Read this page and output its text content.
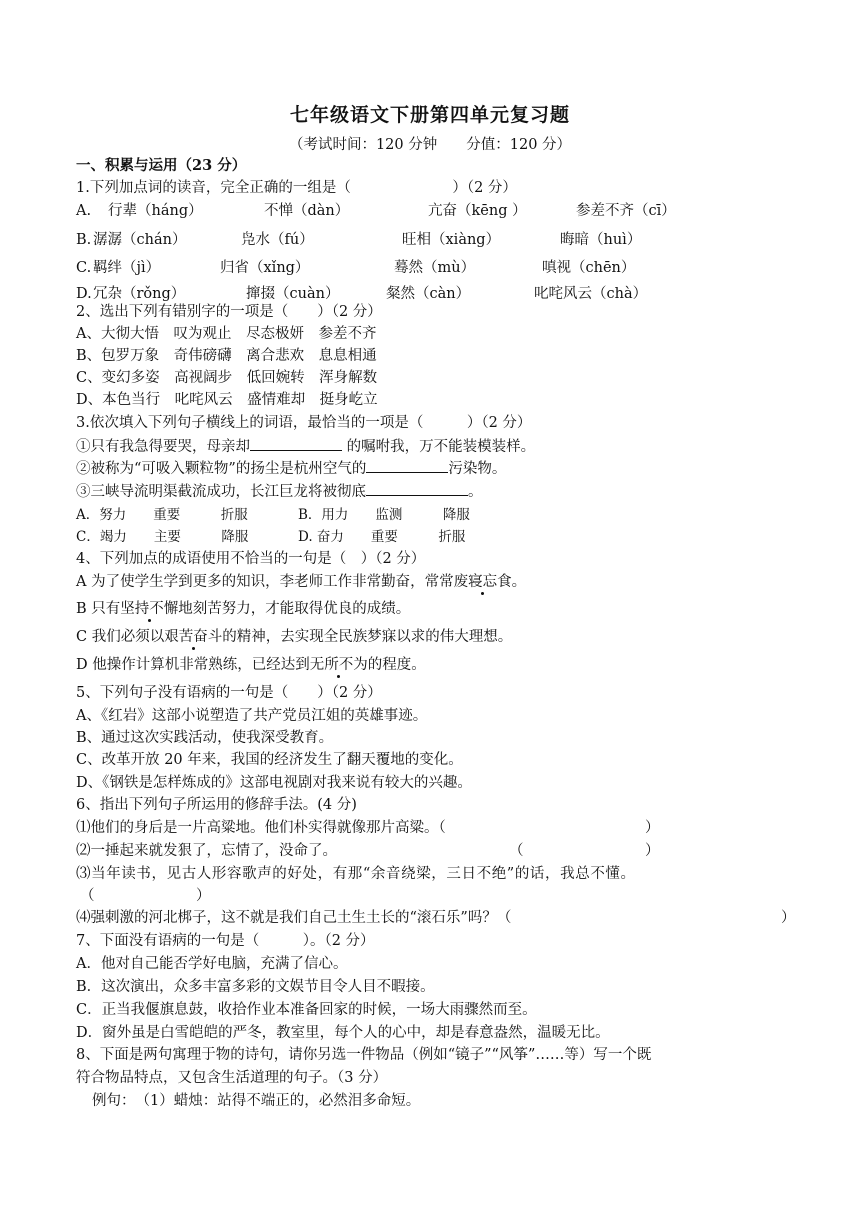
七年级语文下册第四单元复习题
（考试时间：120 分钟　　分值：120 分）
一、积累与运用（23 分）
1.下列加点词的读音，完全正确的一组是（　　　　　　　）（2 分）
A. 行辈（háng）	不惮（dàn）	亢奋（kēng ）	参差不齐（cī）
B. 潺潺（chán）	凫水（fú）	旺相（xiàng）	晦暗（huì）
C. 羁绊（jì）	归省（xǐng）	蓦然（mù）	嗔视（chēn）
D. 冗杂（rǒng）	撺掇（cuàn）	粲然（càn）	叱咤风云（chà）
2、选出下列有错别字的一项是（　　）（2 分）
A、大彻大悟　叹为观止　尽态极妍　参差不齐
B、包罗万象　奇伟磅礴　离合悲欢　息息相通
C、变幻多姿　高视阔步　低回婉转　浑身解数
D、本色当行　叱咤风云　盛情难却　挺身屹立
3.依次填入下列句子横线上的词语，最恰当的一项是（　　　）（2 分）
①只有我急得要哭，母亲却	的嘱咐我，万不能装模装样。
②被称为“可吸入颗粒物”的扬尘是杭州空气的	污染物。
③三峡导流明渠截流成功，长江巨龙将被彻底	。
A．努力　　重要　　　折服	B．用力　　监测　　　降服
C．竭力　　主要　　　降服	D. 奋力　　重要　　　折服
4、下列加点的成语使用不恰当的一句是（　）（2 分）
A 为了使学生学到更多的知识，李老师工作非常勤奋，常常废寝忘食。
B 只有坚持不懈地刻苦努力，才能取得优良的成绩。
C 我们必须以艰苦奋斗的精神，去实现全民族梦寐以求的伟大理想。
D 他操作计算机非常熟练，已经达到无所不为的程度。
5、下列句子没有语病的一句是（　　）（2 分）
A、《红岩》这部小说塑造了共产党员江姐的英雄事迹。
B、通过这次实践活动，使我深受教育。
C、改革开放 20 年来，我国的经济发生了翻天覆地的变化。
D、《钢铁是怎样炼成的》这部电视剧对我来说有较大的兴趣。
6、指出下列句子所运用的修辞手法。(4 分)
⑴他们的身后是一片高粱地。他们朴实得就像那片高粱。（	）
⑵一捶起来就发狠了，忘情了，没命了。	（	）
⑶当年读书，见古人形容歌声的好处，有那“余音绕梁，三日不绝”的话，我总不懂。
（	）
⑷强刺激的河北梆子，这不就是我们自己土生土长的“滚石乐”吗？（	）
7、下面没有语病的一句是（　　　）。（2 分）
A．他对自己能否学好电脑，充满了信心。
B．这次演出，众多丰富多彩的文娱节目令人目不暇接。
C．正当我偃旗息鼓，收拾作业本准备回家的时候，一场大雨骤然而至。
D．窗外虽是白雪皑皑的严冬，教室里，每个人的心中，却是春意盎然，温暖无比。
8、下面是两句寓理于物的诗句，请你另选一件物品（例如“镜子”“风筝”……等）写一个既
符合物品特点，又包含生活道理的句子。（3 分）
例句：　（1）蜡烛：站得不端正的，必然泪多命短。
